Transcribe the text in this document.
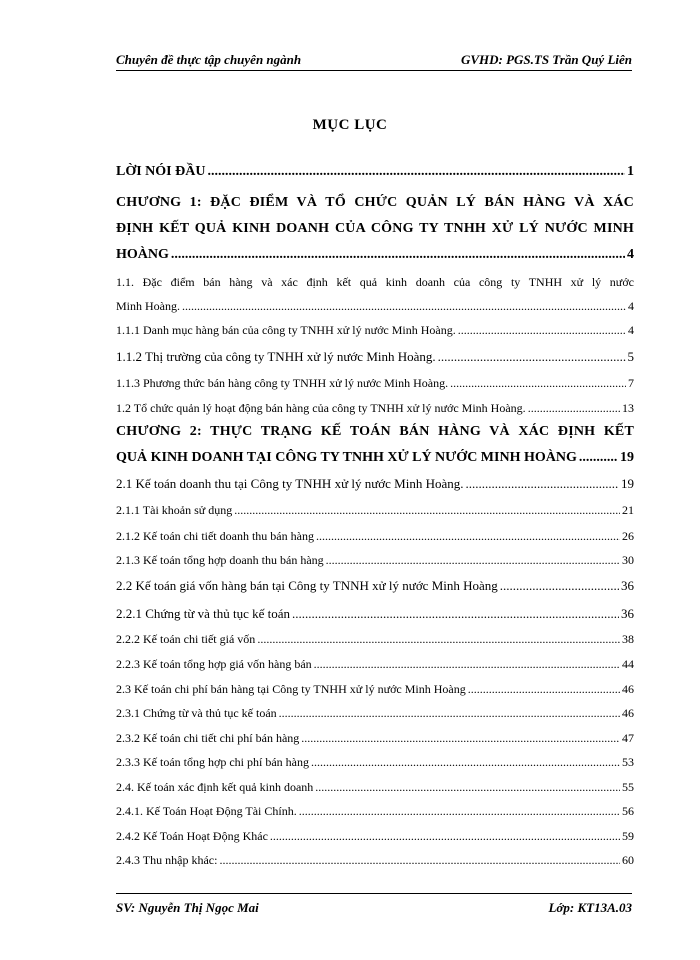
Chuyên đề thực tập chuyên ngành	GVHD: PGS.TS Trần Quý Liên
MỤC LỤC
LỜI NÓI ĐẦU .....	1
CHƯƠNG 1: ĐẶC ĐIỂM VÀ TỔ CHỨC QUẢN LÝ BÁN HÀNG VÀ XÁC
ĐỊNH KẾT QUẢ KINH DOANH CỦA CÔNG TY TNHH XỬ LÝ NƯỚC MINH
HOÀNG .....	4
1.1. Đặc điểm bán hàng và xác định kết quả kinh doanh của công ty TNHH xử lý nước
Minh Hoàng. .....	4
1.1.1 Danh mục hàng bán của công ty TNHH xử lý nước Minh Hoàng. .....	4
1.1.2 Thị trường của công ty TNHH xử lý nước Minh Hoàng. .....	5
1.1.3 Phương thức bán hàng công ty TNHH xử lý nước Minh Hoàng. .....	7
1.2 Tổ chức quản lý hoạt động bán hàng của công ty TNHH xử lý nước Minh Hoàng. .....	13
CHƯƠNG 2: THỰC TRẠNG KẾ TOÁN BÁN HÀNG VÀ XÁC ĐỊNH KẾT
QUẢ KINH DOANH TẠI CÔNG TY TNHH XỬ LÝ NƯỚC MINH HOÀNG .....	19
2.1 Kế toán doanh thu tại Công ty TNHH xử lý nước Minh Hoàng. .....	19
2.1.1 Tài khoản sử dụng .....	21
2.1.2 Kế toán chi tiết doanh thu bán hàng .....	26
2.1.3 Kế toán tổng hợp doanh thu bán hàng .....	30
2.2 Kế toán giá vốn hàng bán tại Công ty TNNH xử lý nước Minh Hoàng .....	36
2.2.1 Chứng từ và thủ tục kế toán .....	36
2.2.2 Kế toán chi tiết giá vốn .....	38
2.2.3 Kế toán tổng hợp giá vốn hàng bán .....	44
2.3 Kế toán chi phí bán hàng tại Công ty TNHH xử lý nước Minh Hoàng .....	46
2.3.1 Chứng từ và thủ tục kế toán .....	46
2.3.2 Kế toán chi tiết chi phí bán hàng .....	47
2.3.3 Kế toán tổng hợp chi phí bán hàng .....	53
2.4. Kế toán xác định kết quả kinh doanh .....	55
2.4.1. Kế Toán Hoạt Động Tài Chính. .....	56
2.4.2 Kế Toán Hoạt Động Khác .....	59
2.4.3 Thu nhập khác: .....	60
SV: Nguyễn Thị Ngọc Mai	Lớp: KT13A.03
